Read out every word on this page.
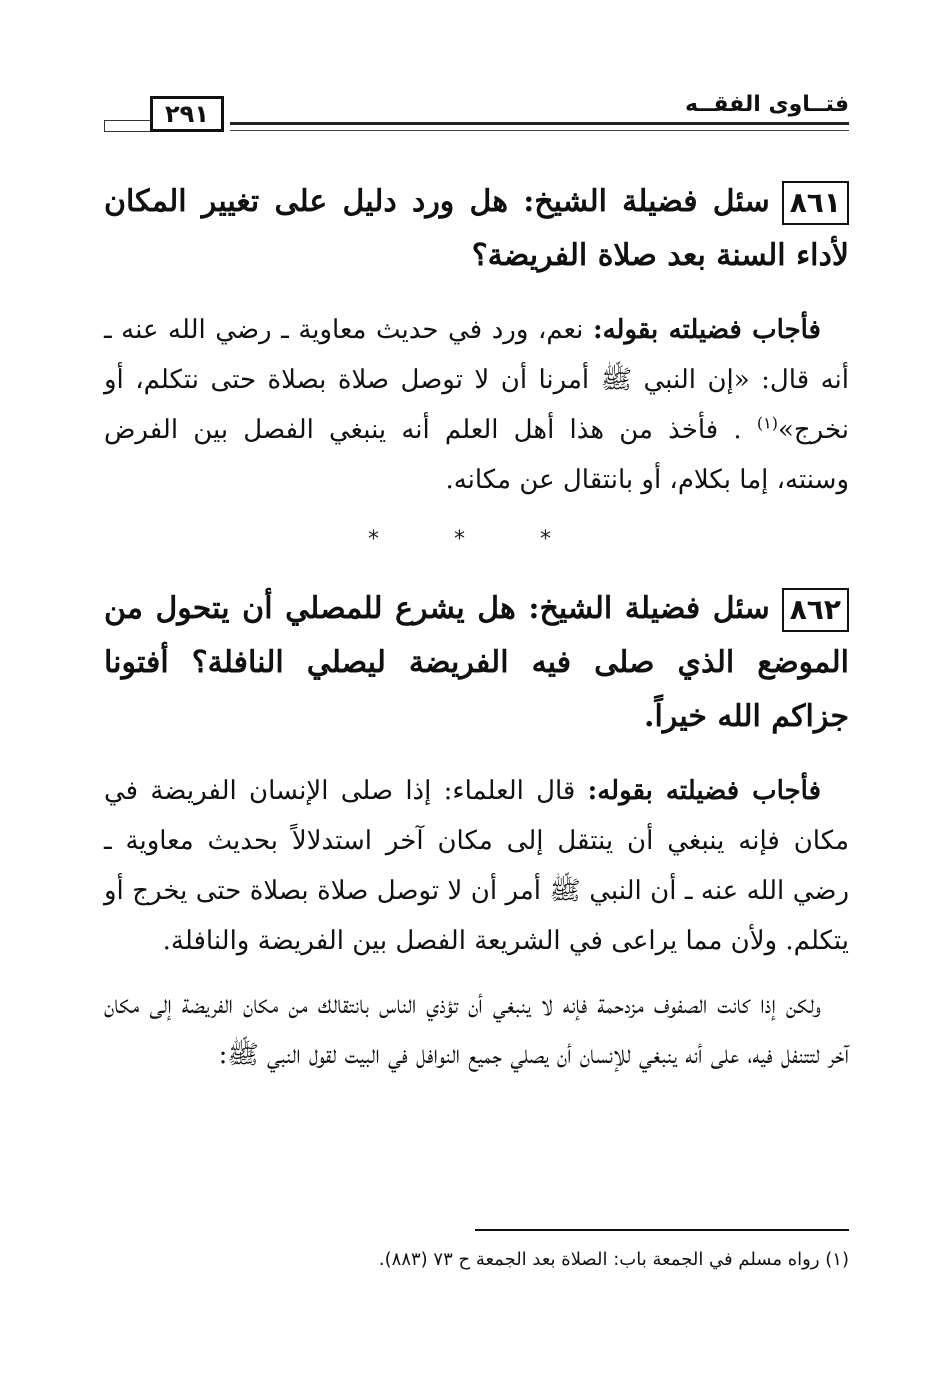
فتــاوى الفقــه
٢٩١

٨٦١سئل فضيلة الشيخ: هل ورد دليل على تغيير المكان لأداء السنة بعد صلاة الفريضة؟

فأجاب فضيلته بقوله: نعم، ورد في حديث معاوية ـ رضي الله عنه ـ أنه قال: «إن النبي ﷺ أمرنا أن لا توصل صلاة بصلاة حتى نتكلم، أو نخرج»$^{(١)}$ . فأخذ من هذا أهل العلم أنه ينبغي الفصل بين الفرض وسنته، إما بكلام، أو بانتقال عن مكانه.

* * *

٨٦٢سئل فضيلة الشيخ: هل يشرع للمصلي أن يتحول من الموضع الذي صلى فيه الفريضة ليصلي النافلة؟ أفتونا جزاكم الله خيراً.

فأجاب فضيلته بقوله: قال العلماء: إذا صلى الإنسان الفريضة في مكان فإنه ينبغي أن ينتقل إلى مكان آخر استدلالاً بحديث معاوية ـ رضي الله عنه ـ أن النبي ﷺ أمر أن لا توصل صلاة بصلاة حتى يخرج أو يتكلم. ولأن مما يراعى في الشريعة الفصل بين الفريضة والنافلة.

ولكن إذا كانت الصفوف مزدحمة فإنه لا ينبغي أن تؤذي الناس بانتقالك من مكان الفريضة إلى مكان آخر لتتنفل فيه، على أنه ينبغي للإنسان أن يصلي جميع النوافل في البيت لقول النبي ﷺ:

(١) رواه مسلم في الجمعة باب: الصلاة بعد الجمعة ح ٧٣ (٨٨٣).
